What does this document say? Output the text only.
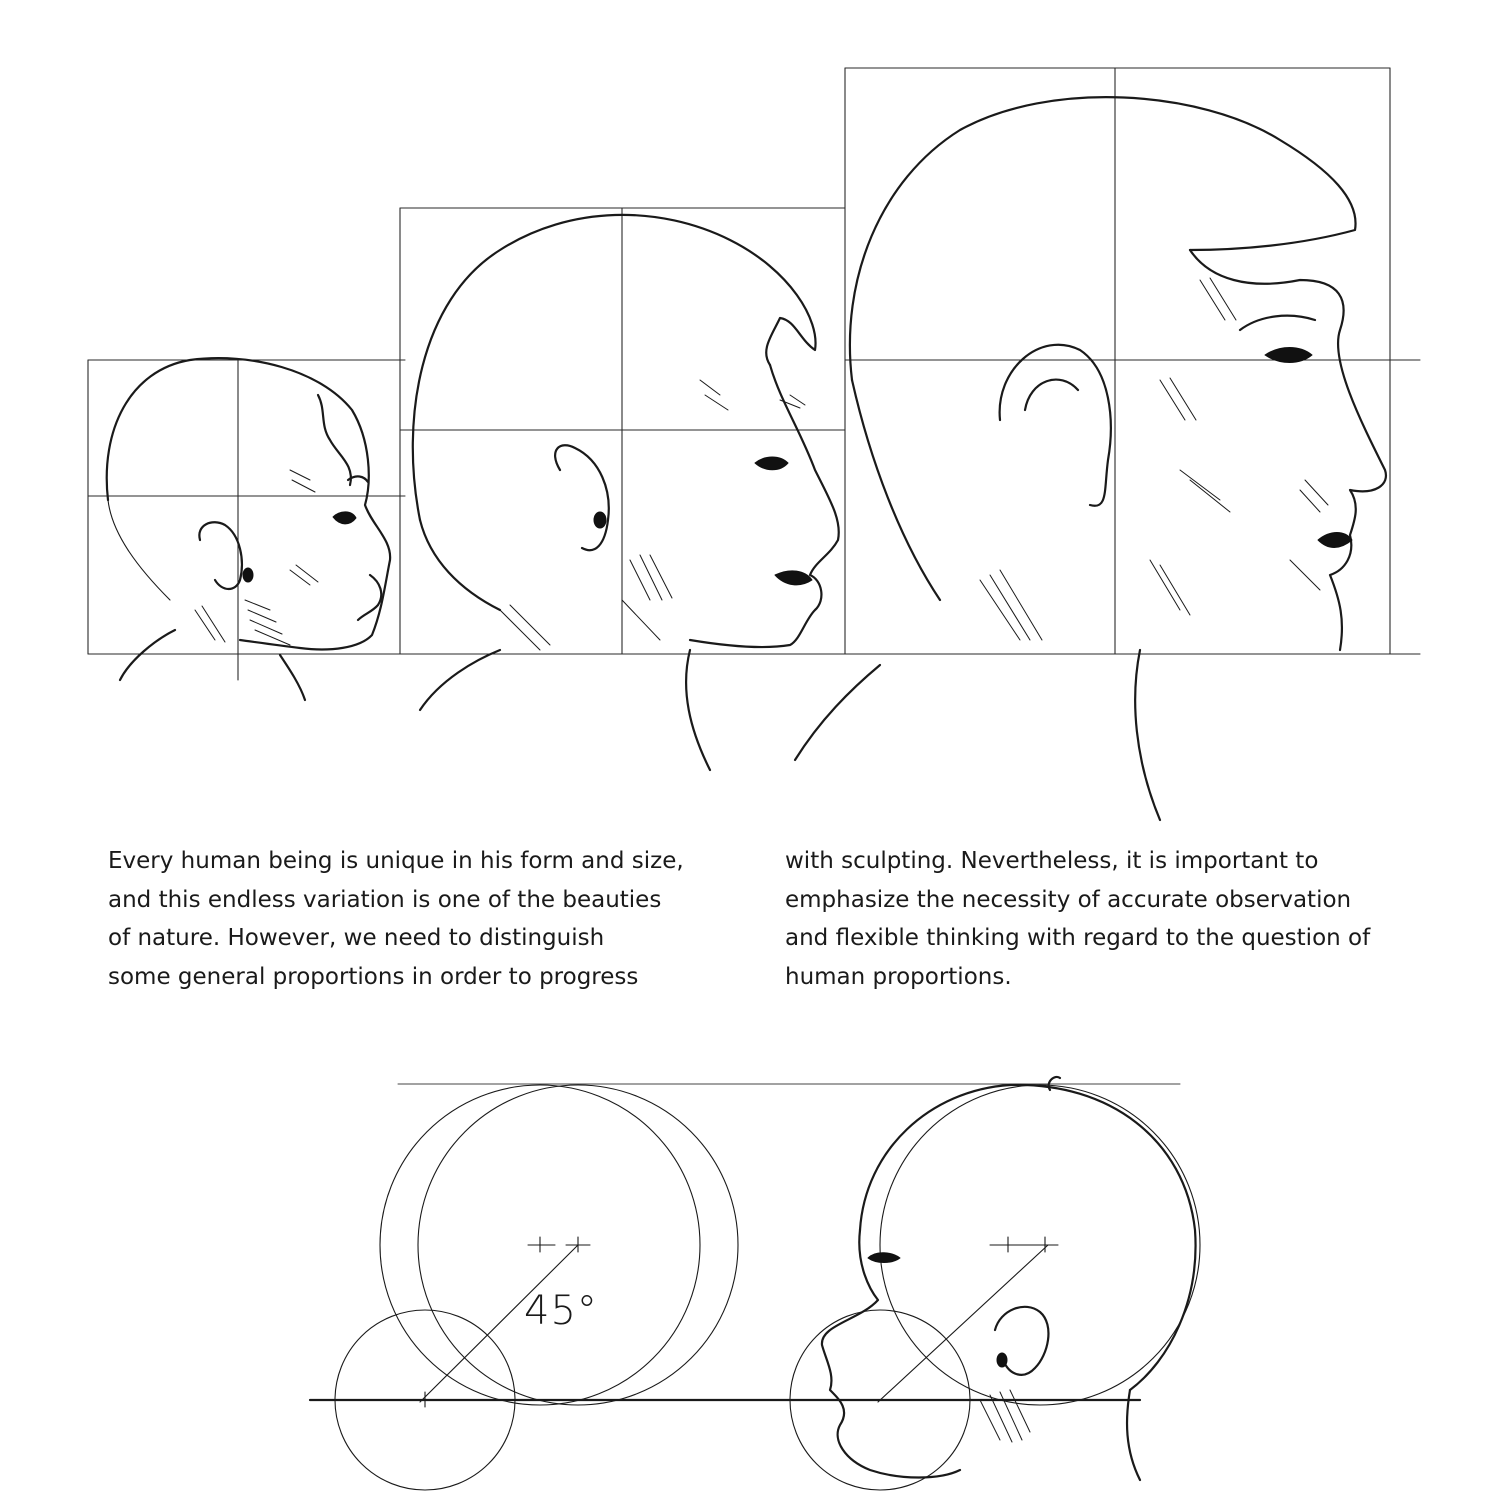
Every human being is unique in his form and size,
and this endless variation is one of the beauties
of nature. However, we need to distinguish
some general proportions in order to progress
with sculpting. Nevertheless, it is important to
emphasize the necessity of accurate observation
and flexible thinking with regard to the question of
human proportions.
45°
